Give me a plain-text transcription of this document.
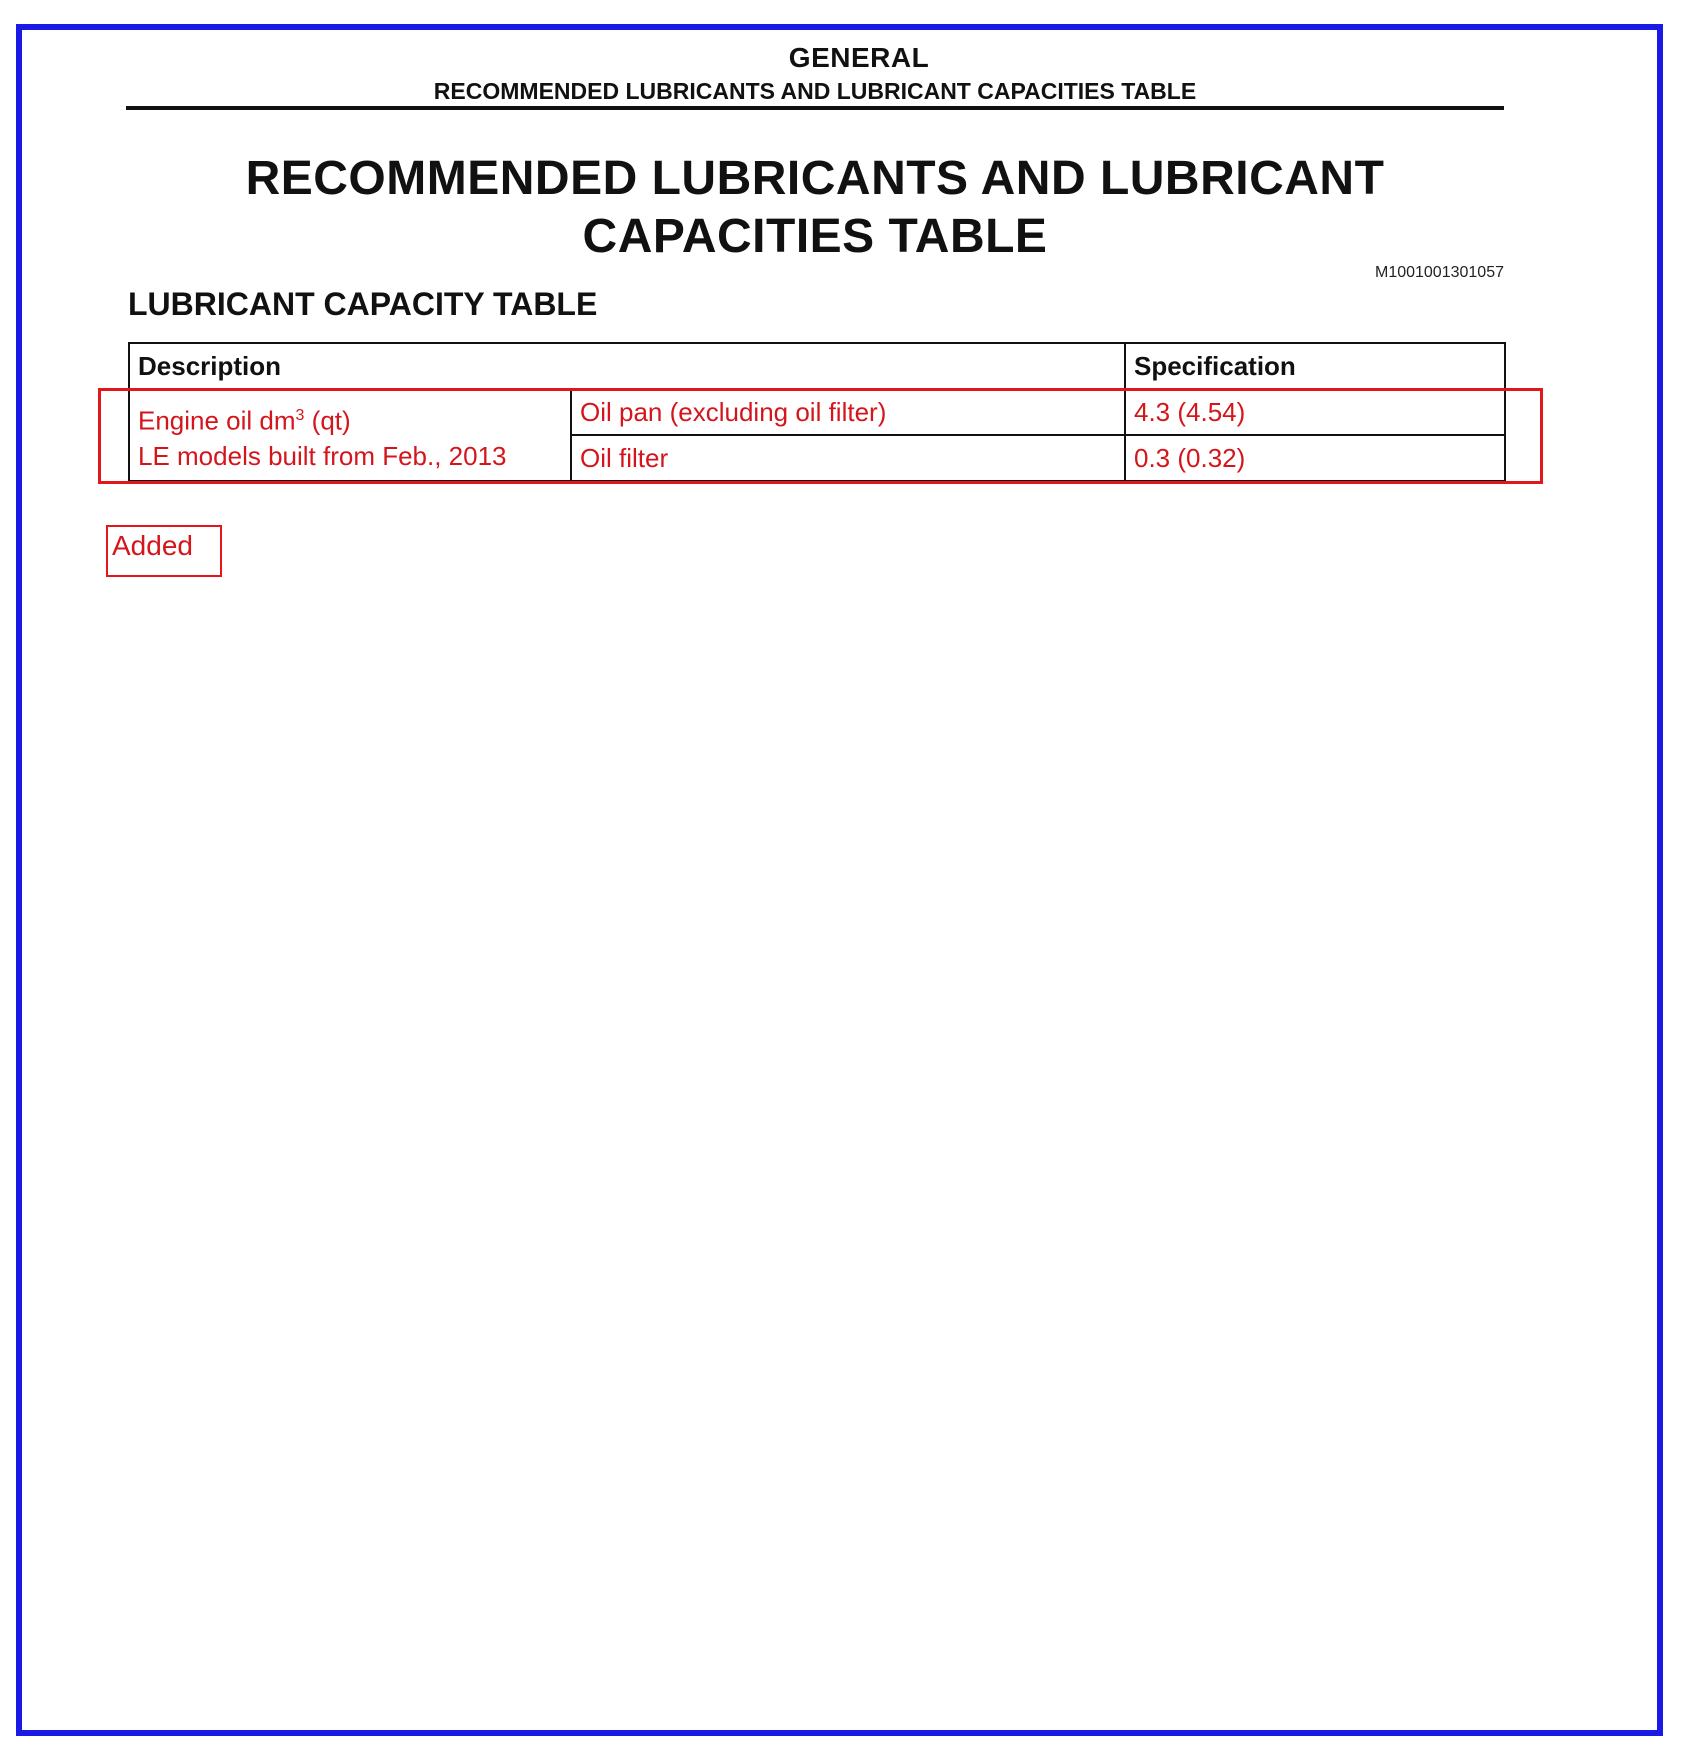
GENERAL
RECOMMENDED LUBRICANTS AND LUBRICANT CAPACITIES TABLE
RECOMMENDED LUBRICANTS AND LUBRICANT
CAPACITIES TABLE
M1001001301057
LUBRICANT CAPACITY TABLE
Description		Specification

Engine oil $dm^3$ (qt)
LE models built from Feb., 2013	Oil pan (excluding oil filter)	4.3 (4.54)
	Oil filter	0.3 (0.32)
Added
